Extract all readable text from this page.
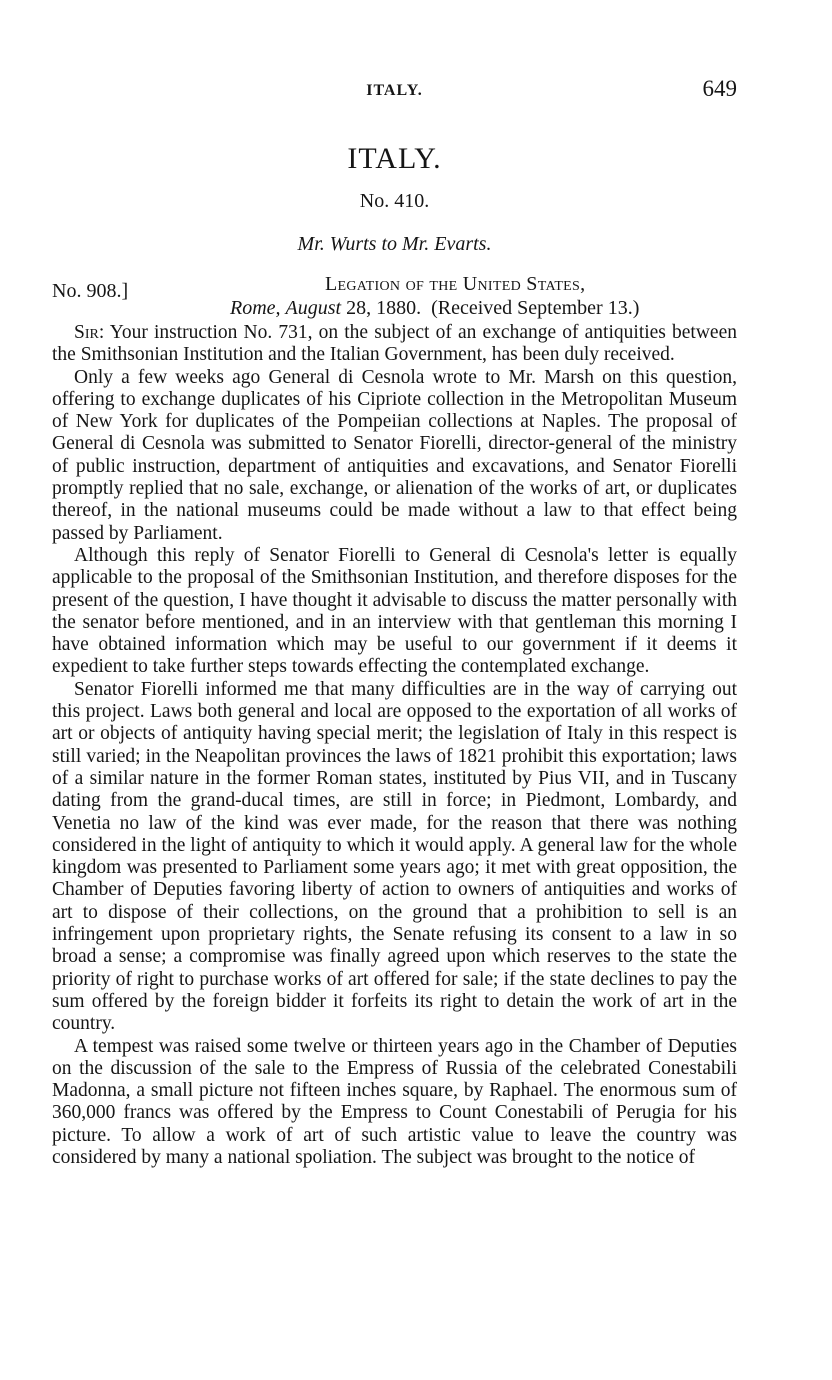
ITALY.	649
ITALY.
No. 410.
Mr. Wurts to Mr. Evarts.
No. 908.]	Legation of the United States,
Rome, August 28, 1880. (Received September 13.)

Sir: Your instruction No. 731, on the subject of an exchange of antiquities between the Smithsonian Institution and the Italian Government, has been duly received.

Only a few weeks ago General di Cesnola wrote to Mr. Marsh on this question, offering to exchange duplicates of his Cipriote collection in the Metropolitan Museum of New York for duplicates of the Pompeiian collections at Naples. The proposal of General di Cesnola was submitted to Senator Fiorelli, director-general of the ministry of public instruction, department of antiquities and excavations, and Senator Fiorelli promptly replied that no sale, exchange, or alienation of the works of art, or duplicates thereof, in the national museums could be made without a law to that effect being passed by Parliament.

Although this reply of Senator Fiorelli to General di Cesnola's letter is equally applicable to the proposal of the Smithsonian Institution, and therefore disposes for the present of the question, I have thought it advisable to discuss the matter personally with the senator before mentioned, and in an interview with that gentleman this morning I have obtained information which may be useful to our government if it deems it expedient to take further steps towards effecting the contemplated exchange.

Senator Fiorelli informed me that many difficulties are in the way of carrying out this project. Laws both general and local are opposed to the exportation of all works of art or objects of antiquity having special merit; the legislation of Italy in this respect is still varied; in the Neapolitan provinces the laws of 1821 prohibit this exportation; laws of a similar nature in the former Roman states, instituted by Pius VII, and in Tuscany dating from the grand-ducal times, are still in force; in Piedmont, Lombardy, and Venetia no law of the kind was ever made, for the reason that there was nothing considered in the light of antiquity to which it would apply. A general law for the whole kingdom was presented to Parliament some years ago; it met with great opposition, the Chamber of Deputies favoring liberty of action to owners of antiquities and works of art to dispose of their collections, on the ground that a prohibition to sell is an infringement upon proprietary rights, the Senate refusing its consent to a law in so broad a sense; a compromise was finally agreed upon which reserves to the state the priority of right to purchase works of art offered for sale; if the state declines to pay the sum offered by the foreign bidder it forfeits its right to detain the work of art in the country.

A tempest was raised some twelve or thirteen years ago in the Chamber of Deputies on the discussion of the sale to the Empress of Russia of the celebrated Conestabili Madonna, a small picture not fifteen inches square, by Raphael. The enormous sum of 360,000 francs was offered by the Empress to Count Conestabili of Perugia for his picture. To allow a work of art of such artistic value to leave the country was considered by many a national spoliation. The subject was brought to the notice of
